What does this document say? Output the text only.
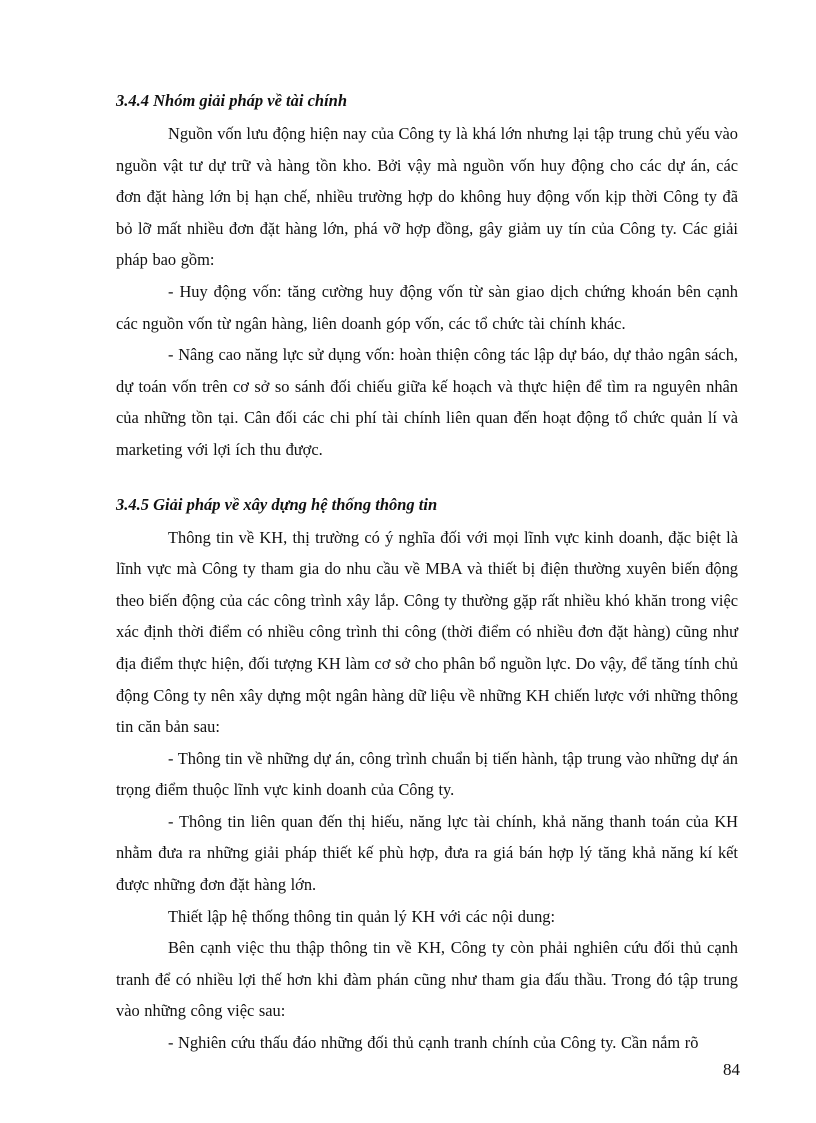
3.4.4 Nhóm giải pháp về tài chính

Nguồn vốn lưu động hiện nay của Công ty là khá lớn nhưng lại tập trung chủ yếu vào nguồn vật tư dự trữ và hàng tồn kho. Bởi vậy mà nguồn vốn huy động cho các dự án, các đơn đặt hàng lớn bị hạn chế, nhiều trường hợp do không huy động vốn kịp thời Công ty đã bỏ lỡ mất nhiều đơn đặt hàng lớn, phá vỡ hợp đồng, gây giảm uy tín của Công ty. Các giải pháp bao gồm:

- Huy động vốn: tăng cường huy động vốn từ sàn giao dịch chứng khoán bên cạnh các nguồn vốn từ ngân hàng, liên doanh góp vốn, các tổ chức tài chính khác.

- Nâng cao năng lực sử dụng vốn: hoàn thiện công tác lập dự báo, dự thảo ngân sách, dự toán vốn trên cơ sở so sánh đối chiếu giữa kế hoạch và thực hiện để tìm ra nguyên nhân của những tồn tại. Cân đối các chi phí tài chính liên quan đến hoạt động tổ chức quản lí và marketing với lợi ích thu được.

3.4.5 Giải pháp về xây dựng hệ thống thông tin

Thông tin về KH, thị trường có ý nghĩa đối với mọi lĩnh vực kinh doanh, đặc biệt là lĩnh vực mà Công ty tham gia do nhu cầu về MBA và thiết bị điện thường xuyên biến động theo biến động của các công trình xây lắp. Công ty thường gặp rất nhiều khó khăn trong việc xác định thời điểm có nhiều công trình thi công (thời điểm có nhiều đơn đặt hàng) cũng như địa điểm thực hiện, đối tượng KH làm cơ sở cho phân bổ nguồn lực. Do vậy, để tăng tính chủ động Công ty nên xây dựng một ngân hàng dữ liệu về những KH chiến lược với những thông tin căn bản sau:

- Thông tin về những dự án, công trình chuẩn bị tiến hành, tập trung vào những dự án trọng điểm thuộc lĩnh vực kinh doanh của Công ty.

- Thông tin liên quan đến thị hiếu, năng lực tài chính, khả năng thanh toán của KH nhằm đưa ra những giải pháp thiết kế phù hợp, đưa ra giá bán hợp lý tăng khả năng kí kết được những đơn đặt hàng lớn.

Thiết lập hệ thống thông tin quản lý KH với các nội dung:

Bên cạnh việc thu thập thông tin về KH, Công ty còn phải nghiên cứu đối thủ cạnh tranh để có nhiều lợi thế hơn khi đàm phán cũng như tham gia đấu thầu. Trong đó tập trung vào những công việc sau:

- Nghiên cứu thấu đáo những đối thủ cạnh tranh chính của Công ty. Cần nắm rõ

84
